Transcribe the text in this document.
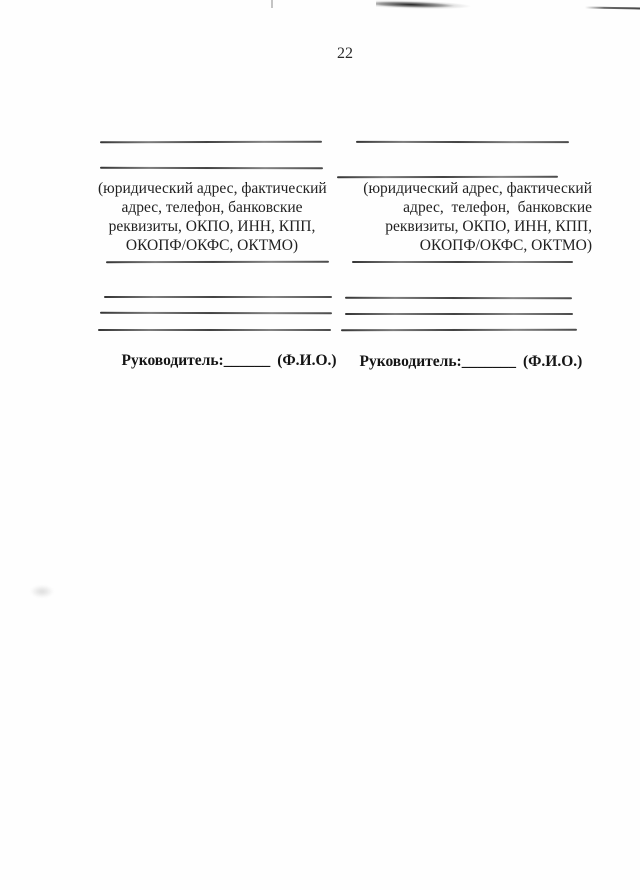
22
(юридический адрес, фактический
адрес, телефон, банковские
реквизиты, ОКПО, ИНН, КПП,
ОКОПФ/ОКФС, ОКТМО)
(юридический адрес, фактический
адрес,  телефон,  банковские
реквизиты, ОКПО, ИНН, КПП,
ОКОПФ/ОКФС, ОКТМО)

Руководитель:______ (Ф.И.О.)
	Руководитель:_______ (Ф.И.О.)
